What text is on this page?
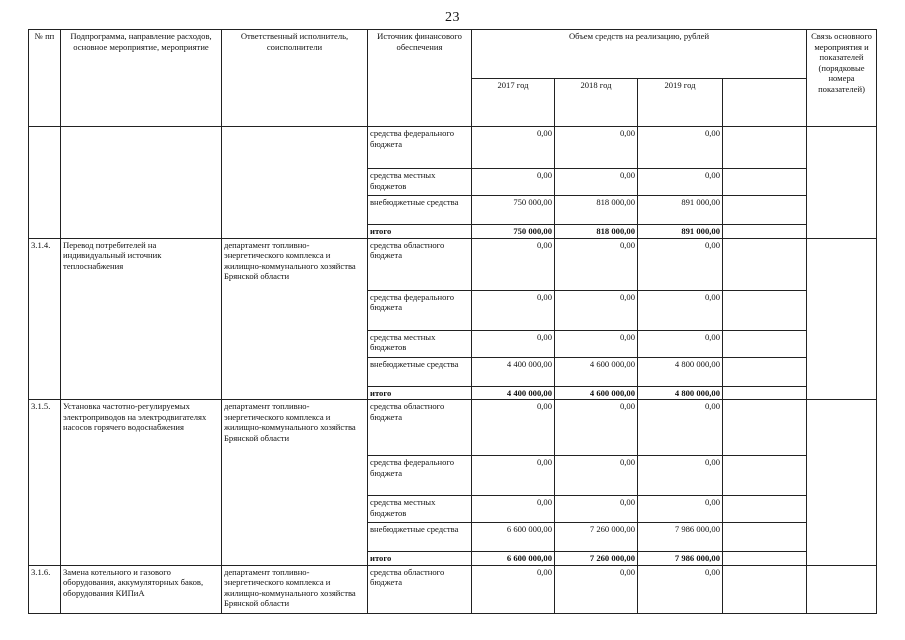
23
№ пп	Подпрограмма, направление расходов, основное мероприятие, мероприятие	Ответственный исполнитель, соисполнители	Источник финансового обеспечения	Объем средств на реализацию, рублей				Связь основного мероприятия и показателей (порядковые номера показателей)
				2017 год	2018 год	2019 год		
			средства федерального бюджета	0,00	0,00	0,00		
			средства местных бюджетов	0,00	0,00	0,00		
			внебюджетные средства	750 000,00	818 000,00	891 000,00		
			итого	750 000,00	818 000,00	891 000,00		
3.1.4.	Перевод потребителей на индивидуальный источник теплоснабжения	департамент топливно-энергетического комплекса и жилищно-коммунального хозяйства Брянской области	средства областного бюджета	0,00	0,00	0,00		
			средства федерального бюджета	0,00	0,00	0,00		
			средства местных бюджетов	0,00	0,00	0,00		
			внебюджетные средства	4 400 000,00	4 600 000,00	4 800 000,00		
			итого	4 400 000,00	4 600 000,00	4 800 000,00		
3.1.5.	Установка частотно-регулируемых электроприводов на электродвигателях насосов горячего водоснабжения	департамент топливно-энергетического комплекса и жилищно-коммунального хозяйства Брянской области	средства областного бюджета	0,00	0,00	0,00		
			средства федерального бюджета	0,00	0,00	0,00		
			средства местных бюджетов	0,00	0,00	0,00		
			внебюджетные средства	6 600 000,00	7 260 000,00	7 986 000,00		
			итого	6 600 000,00	7 260 000,00	7 986 000,00		
3.1.6.	Замена котельного и газового оборудования, аккумуляторных баков, оборудования КИПиА	департамент топливно-энергетического комплекса и жилищно-коммунального хозяйства Брянской области	средства областного бюджета	0,00	0,00	0,00		
